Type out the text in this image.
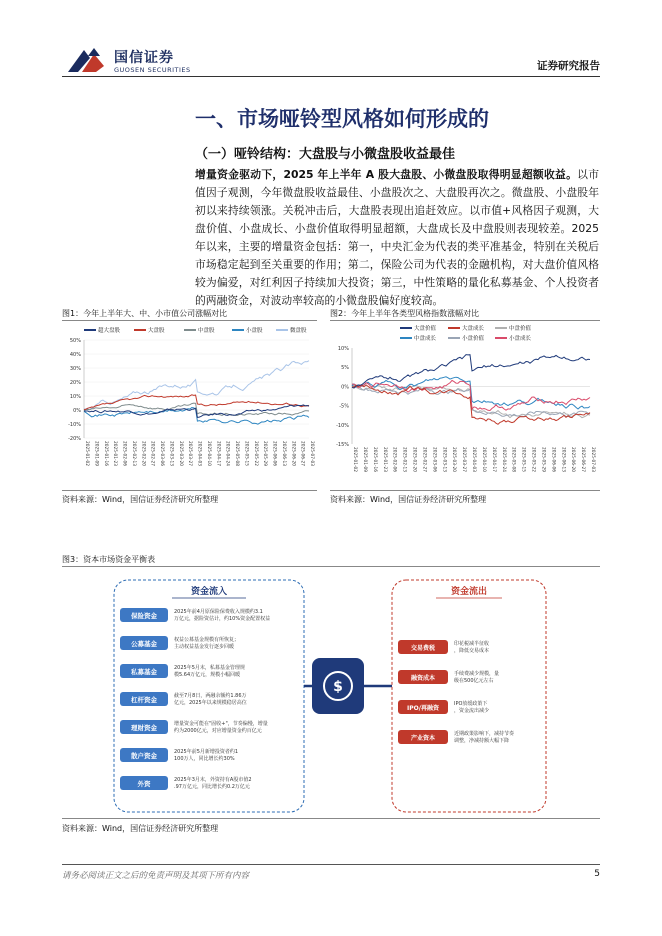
国信证券
GUOSEN SECURITIES	证券研究报告
一、市场哑铃型风格如何形成的
（一）哑铃结构：大盘股与小微盘股收益最佳
增量资金驱动下，2025 年上半年 A 股大盘股、小微盘股取得明显超额收益。以市值因子观测，今年微盘股收益最佳、小盘股次之、大盘股再次之。微盘股、小盘股年初以来持续领涨。关税冲击后，大盘股表现出追赶效应。以市值+风格因子观测，大盘价值、小盘成长、小盘价值取得明显超额，大盘成长及中盘股则表现较差。2025 年以来，主要的增量资金包括：第一，中央汇金为代表的类平准基金，特别在关税后市场稳定起到至关重要的作用；第二，保险公司为代表的金融机构，对大盘价值风格较为偏爱，对红利因子持续加大投资；第三，中性策略的量化私募基金、个人投资者的两融资金，对波动率较高的小微盘股偏好度较高。
图1：今年上半年大、中、小市值公司涨幅对比
超大盘股	大盘股	中盘股	小盘股	微盘股
50%
40%
30%
20%
10%
0%
-10%
-20%
2025-01-02 2025-01-09 2025-01-16 2025-01-23 2025-02-06 2025-02-13 2025-02-20 2025-02-27 2025-03-06 2025-03-13 2025-03-20 2025-03-27 2025-04-03 2025-04-10 2025-04-17 2025-04-24 2025-05-08 2025-05-15 2025-05-22 2025-05-29 2025-06-06 2025-06-13 2025-06-20 2025-06-27 2025-07-03
资料来源：Wind，国信证券经济研究所整理
图2：今年上半年各类型风格指数涨幅对比
大盘价值	大盘成长	中盘价值
中盘成长	小盘价值	小盘成长
10%
5%
0%
-5%
-10%
-15%
2025-01-02 2025-01-09 2025-01-16 2025-01-23 2025-02-06 2025-02-13 2025-02-20 2025-02-27 2025-03-06 2025-03-13 2025-03-20 2025-03-27 2025-04-03 2025-04-10 2025-04-17 2025-04-24 2025-05-08 2025-05-15 2025-05-22 2025-05-29 2025-06-06 2025-06-13 2025-06-20 2025-06-27 2025-07-03
资料来源：Wind，国信证券经济研究所整理
图3：资本市场资金平衡表
资金流入
保险资金	2025年前4月原保险保费收入规模约3.1
万亿元，据险资估计，约10%资金配置权益
公募基金	权益公募基金规模有所恢复；
主动权益基金发行逐步回暖
私募基金	2025年5月末，私募基金管理规
模5.64万亿元，规模小幅回暖
杠杆资金	截至7月8日，两融余额约1.86万
亿元，2025年以来规模稳居高位
理财资金	增量资金可能在"固收+"，节奏偏慢，增量
约为2000亿元，对应增量资金约百亿元
散户资金	2025年前5月新增投资者约1
100万人，同比增长约30%
外资	2025年3月末，外资持有A股市值2
.97万亿元，同比增长约0.2万亿元
$
资金流出
交易费税
印花税减半征收
，降低交易成本
融资成本
手续费减少规模，量
级在500亿元左右
IPO/再融资
IPO放缓政策下
，资金流出减少
产业资本
近期政策影响下，减持节奏
调整，净减持额大幅下降
资料来源：Wind，国信证券经济研究所整理
请务必阅读正文之后的免责声明及其项下所有内容	5
